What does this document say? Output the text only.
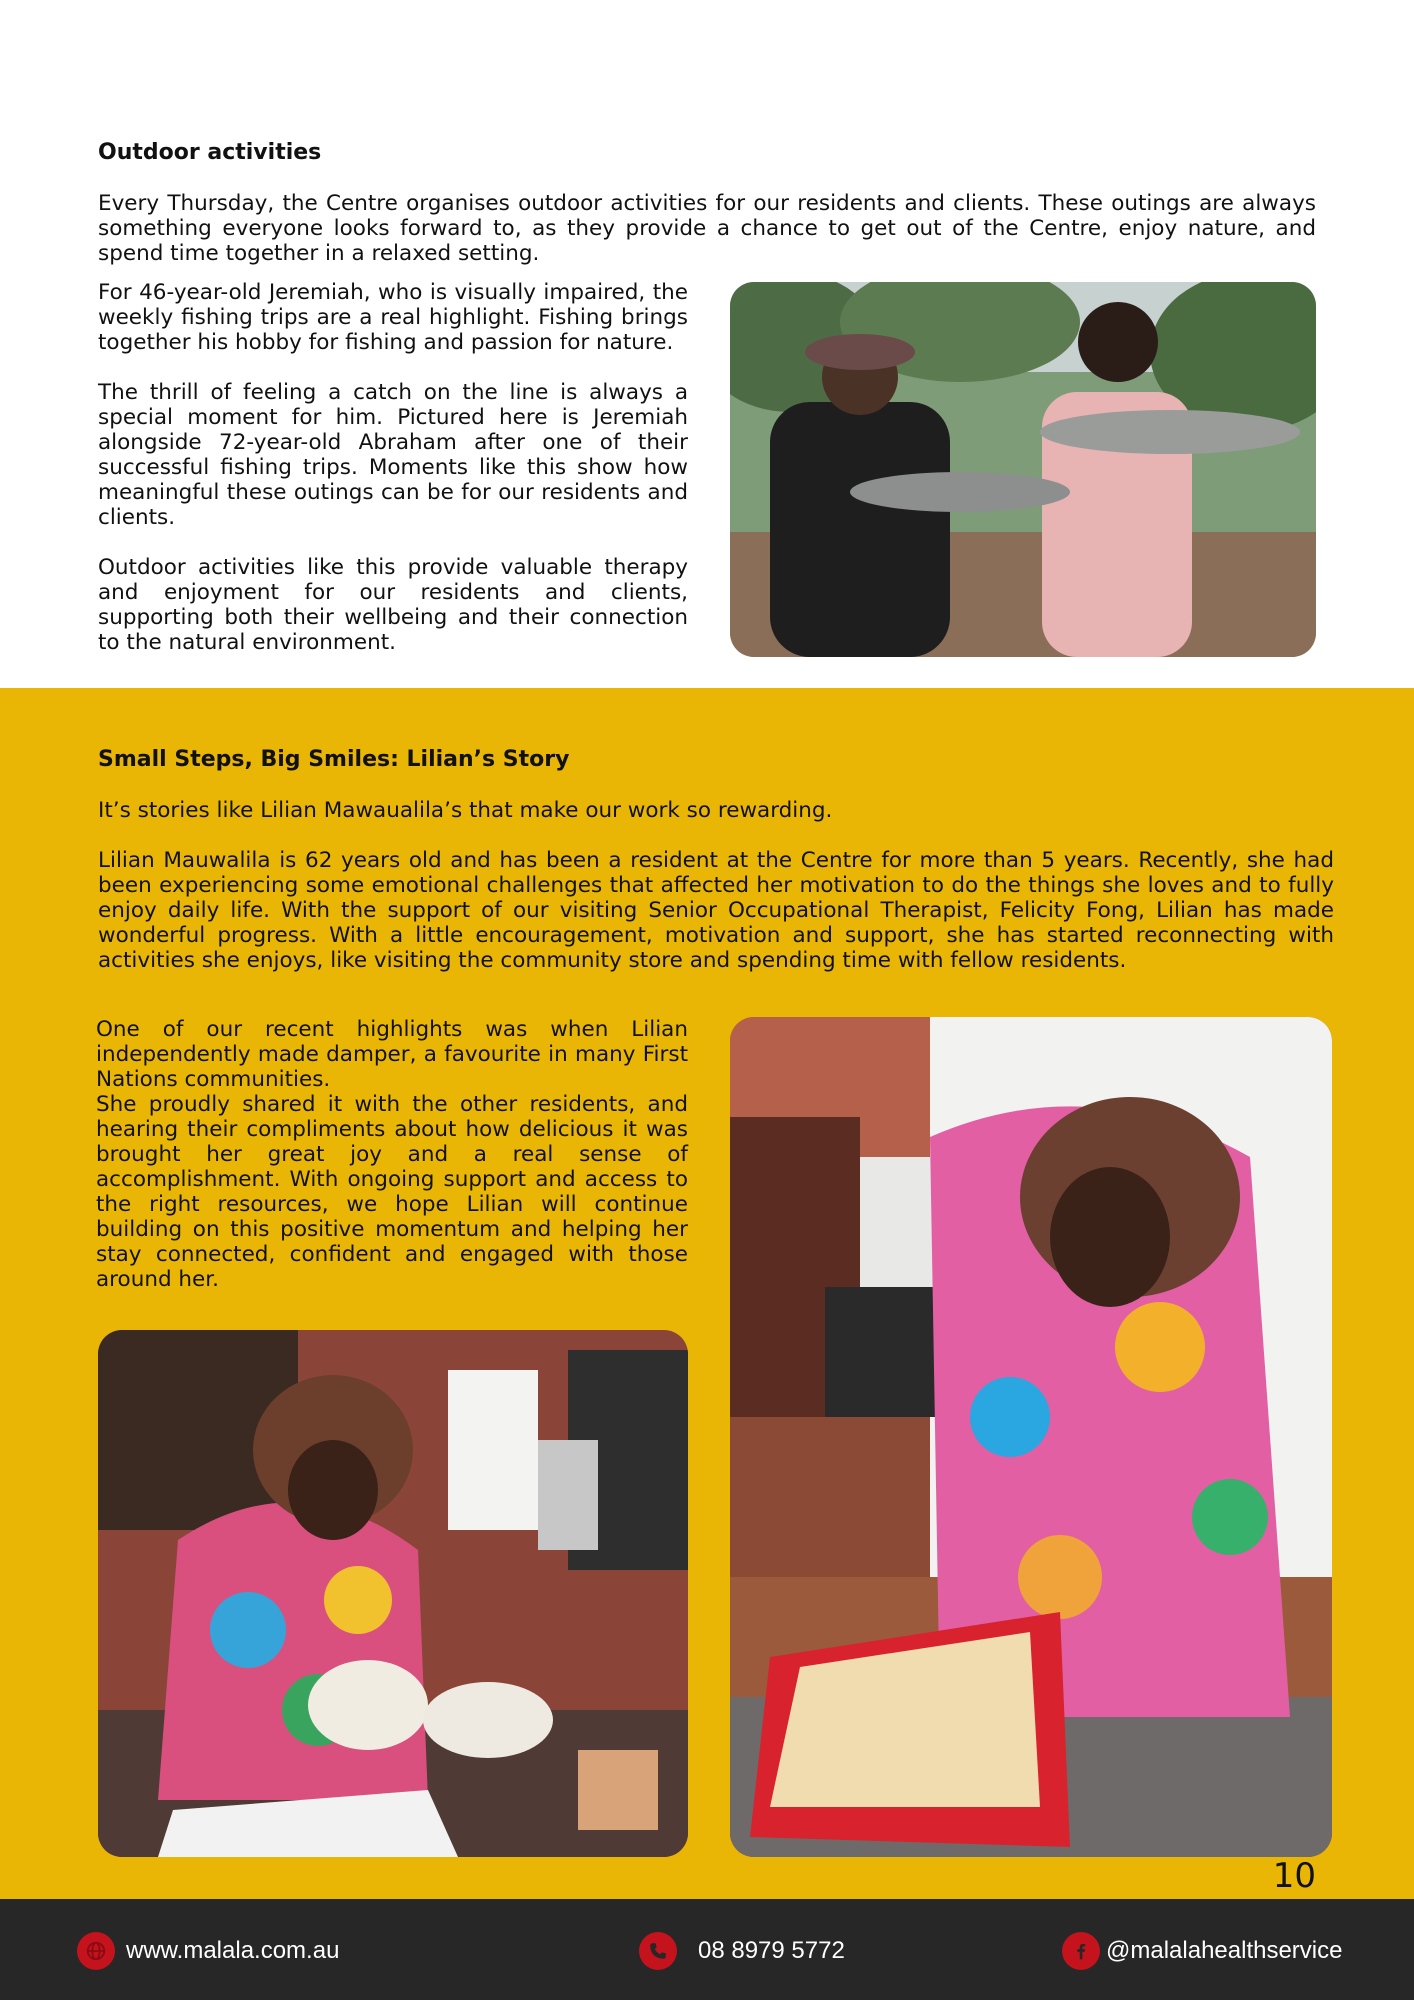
Outdoor activities

Every Thursday, the Centre organises outdoor activities for our residents and clients. These outings are always something everyone looks forward to, as they provide a chance to get out of the Centre, enjoy nature, and spend time together in a relaxed setting.

For 46-year-old Jeremiah, who is visually impaired, the weekly fishing trips are a real highlight. Fishing brings together his hobby for fishing and passion for nature.

The thrill of feeling a catch on the line is always a special moment for him. Pictured here is Jeremiah alongside 72-year-old Abraham after one of their successful fishing trips. Moments like this show how meaningful these outings can be for our residents and clients.

Outdoor activities like this provide valuable therapy and enjoyment for our residents and clients, supporting both their wellbeing and their connection to the natural environment.

Small Steps, Big Smiles: Lilian’s Story

It’s stories like Lilian Mawaualila’s that make our work so rewarding.

Lilian Mauwalila is 62 years old and has been a resident at the Centre for more than 5 years. Recently, she had been experiencing some emotional challenges that affected her motivation to do the things she loves and to fully enjoy daily life. With the support of our visiting Senior Occupational Therapist, Felicity Fong, Lilian has made wonderful progress. With a little encouragement, motivation and support, she has started reconnecting with activities she enjoys, like visiting the community store and spending time with fellow residents.

One of our recent highlights was when Lilian independently made damper, a favourite in many First Nations communities.

She proudly shared it with the other residents, and hearing their compliments about how delicious it was brought her great joy and a real sense of accomplishment. With ongoing support and access to the right resources, we hope Lilian will continue building on this positive momentum and helping her stay connected, confident and engaged with those around her.

10
www.malala.com.au	08 8979 5772	@malalahealthservice
